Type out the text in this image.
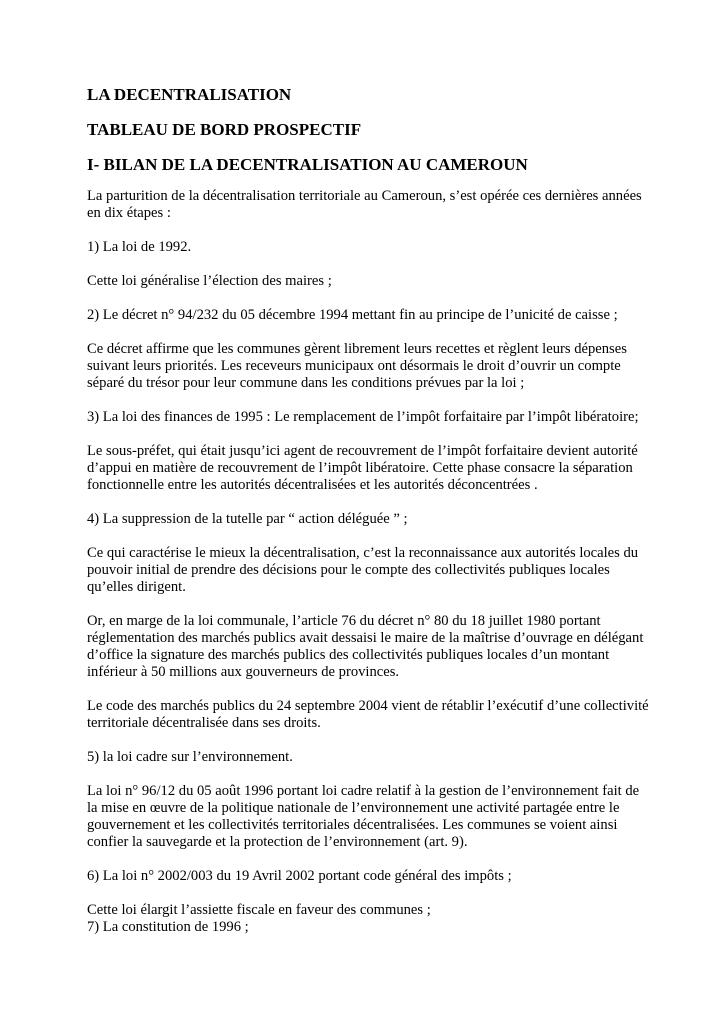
LA DECENTRALISATION
TABLEAU DE BORD PROSPECTIF
I- BILAN DE LA DECENTRALISATION AU CAMEROUN

La parturition de la décentralisation territoriale au Cameroun, s’est opérée ces dernières années en dix étapes :

1) La loi de 1992.

Cette loi généralise l’élection des maires ;

2) Le décret n° 94/232 du 05 décembre 1994 mettant fin au principe de l’unicité de caisse ;

Ce décret affirme que les communes gèrent librement leurs recettes et règlent leurs dépenses suivant leurs priorités. Les receveurs municipaux ont désormais le droit d’ouvrir un compte séparé du trésor pour leur commune dans les conditions prévues par la loi ;

3) La loi des finances de 1995 : Le remplacement de l’impôt forfaitaire par l’impôt libératoire;

Le sous-préfet, qui était jusqu’ici agent de recouvrement de l’impôt forfaitaire devient autorité d’appui en matière de recouvrement de l’impôt libératoire. Cette phase consacre la séparation fonctionnelle entre les autorités décentralisées et les autorités déconcentrées .

4) La suppression de la tutelle par “ action déléguée ” ;

Ce qui caractérise le mieux la décentralisation, c’est la reconnaissance aux autorités locales du pouvoir initial de prendre des décisions pour le compte des collectivités publiques locales qu’elles dirigent.

Or, en marge de la loi communale, l’article 76 du décret n° 80 du 18 juillet 1980 portant réglementation des marchés publics avait dessaisi le maire de la maîtrise d’ouvrage en délégant d’office la signature des marchés publics des collectivités publiques locales d’un montant inférieur à 50 millions aux gouverneurs de provinces.

Le code des marchés publics du 24 septembre 2004 vient de rétablir l’exécutif d’une collectivité territoriale décentralisée dans ses droits.

5) la loi cadre sur l’environnement.

La loi n° 96/12 du 05 août 1996 portant loi cadre relatif à la gestion de l’environnement fait de la mise en œuvre de la politique nationale de l’environnement une activité partagée entre le gouvernement et les collectivités territoriales décentralisées. Les communes se voient ainsi confier la sauvegarde et la protection de l’environnement (art. 9).

6) La loi n° 2002/003 du 19 Avril 2002 portant code général des impôts ;

Cette loi élargit l’assiette fiscale en faveur des communes ;

7) La constitution de 1996 ;
